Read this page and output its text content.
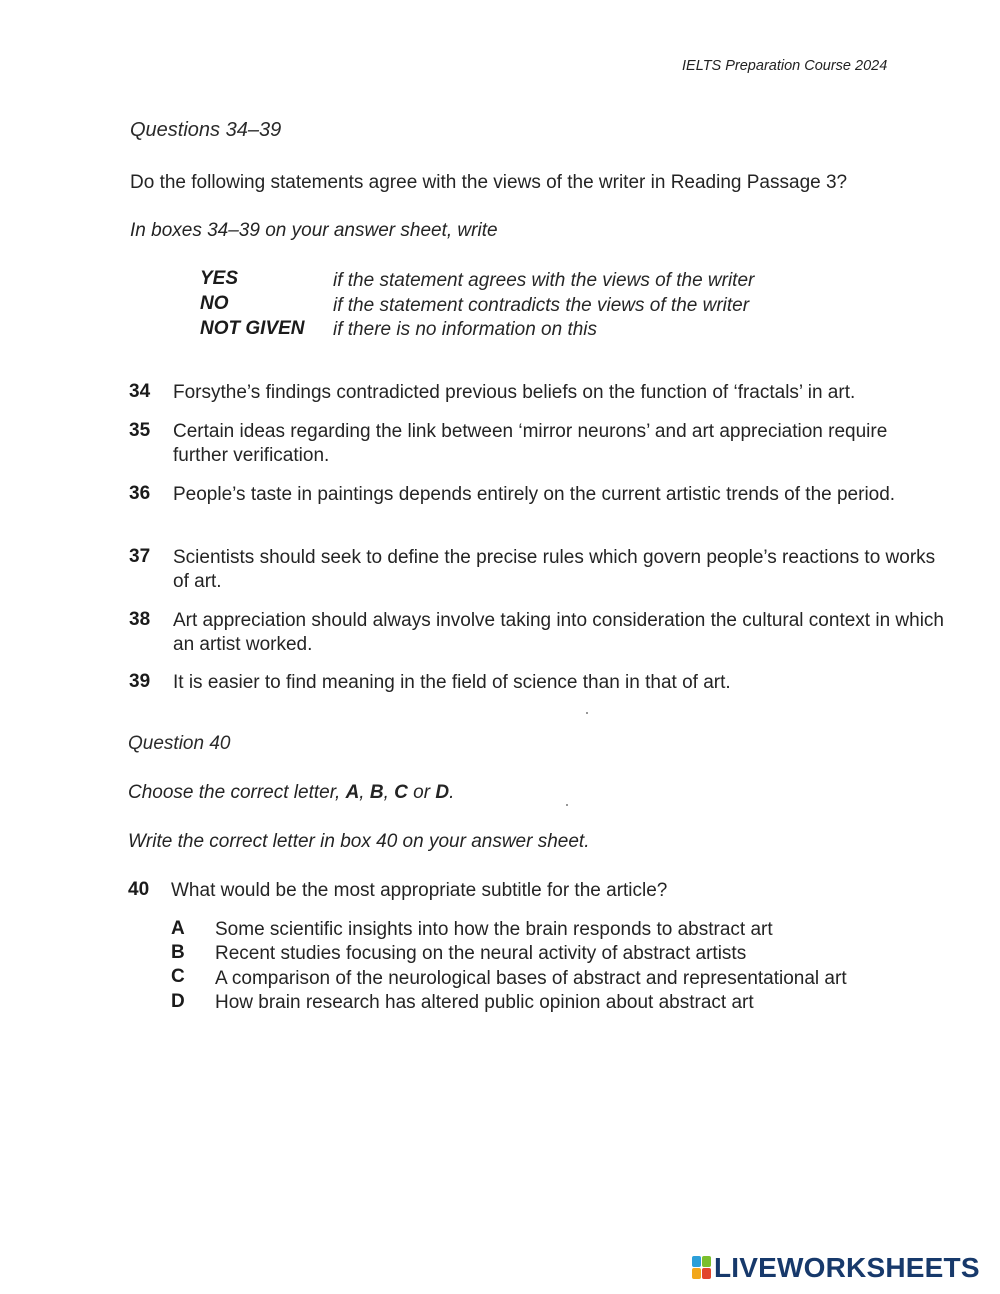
IELTS Preparation Course 2024
Questions 34–39
Do the following statements agree with the views of the writer in Reading Passage 3?
In boxes 34–39 on your answer sheet, write
YES	if the statement agrees with the views of the writer
NO	if the statement contradicts the views of the writer
NOT GIVEN if there is no information on this
34 Forsythe’s findings contradicted previous beliefs on the function of ‘fractals’ in art.
35 Certain ideas regarding the link between ‘mirror neurons’ and art appreciation require further verification.
36 People’s taste in paintings depends entirely on the current artistic trends of the period.
37 Scientists should seek to define the precise rules which govern people’s reactions to works of art.
38 Art appreciation should always involve taking into consideration the cultural context in which an artist worked.
39 It is easier to find meaning in the field of science than in that of art.
Question 40
Choose the correct letter, A, B, C or D.
Write the correct letter in box 40 on your answer sheet.
40 What would be the most appropriate subtitle for the article?
A Some scientific insights into how the brain responds to abstract art
B Recent studies focusing on the neural activity of abstract artists
C A comparison of the neurological bases of abstract and representational art
D How brain research has altered public opinion about abstract art
LIVEWORKSHEETS
